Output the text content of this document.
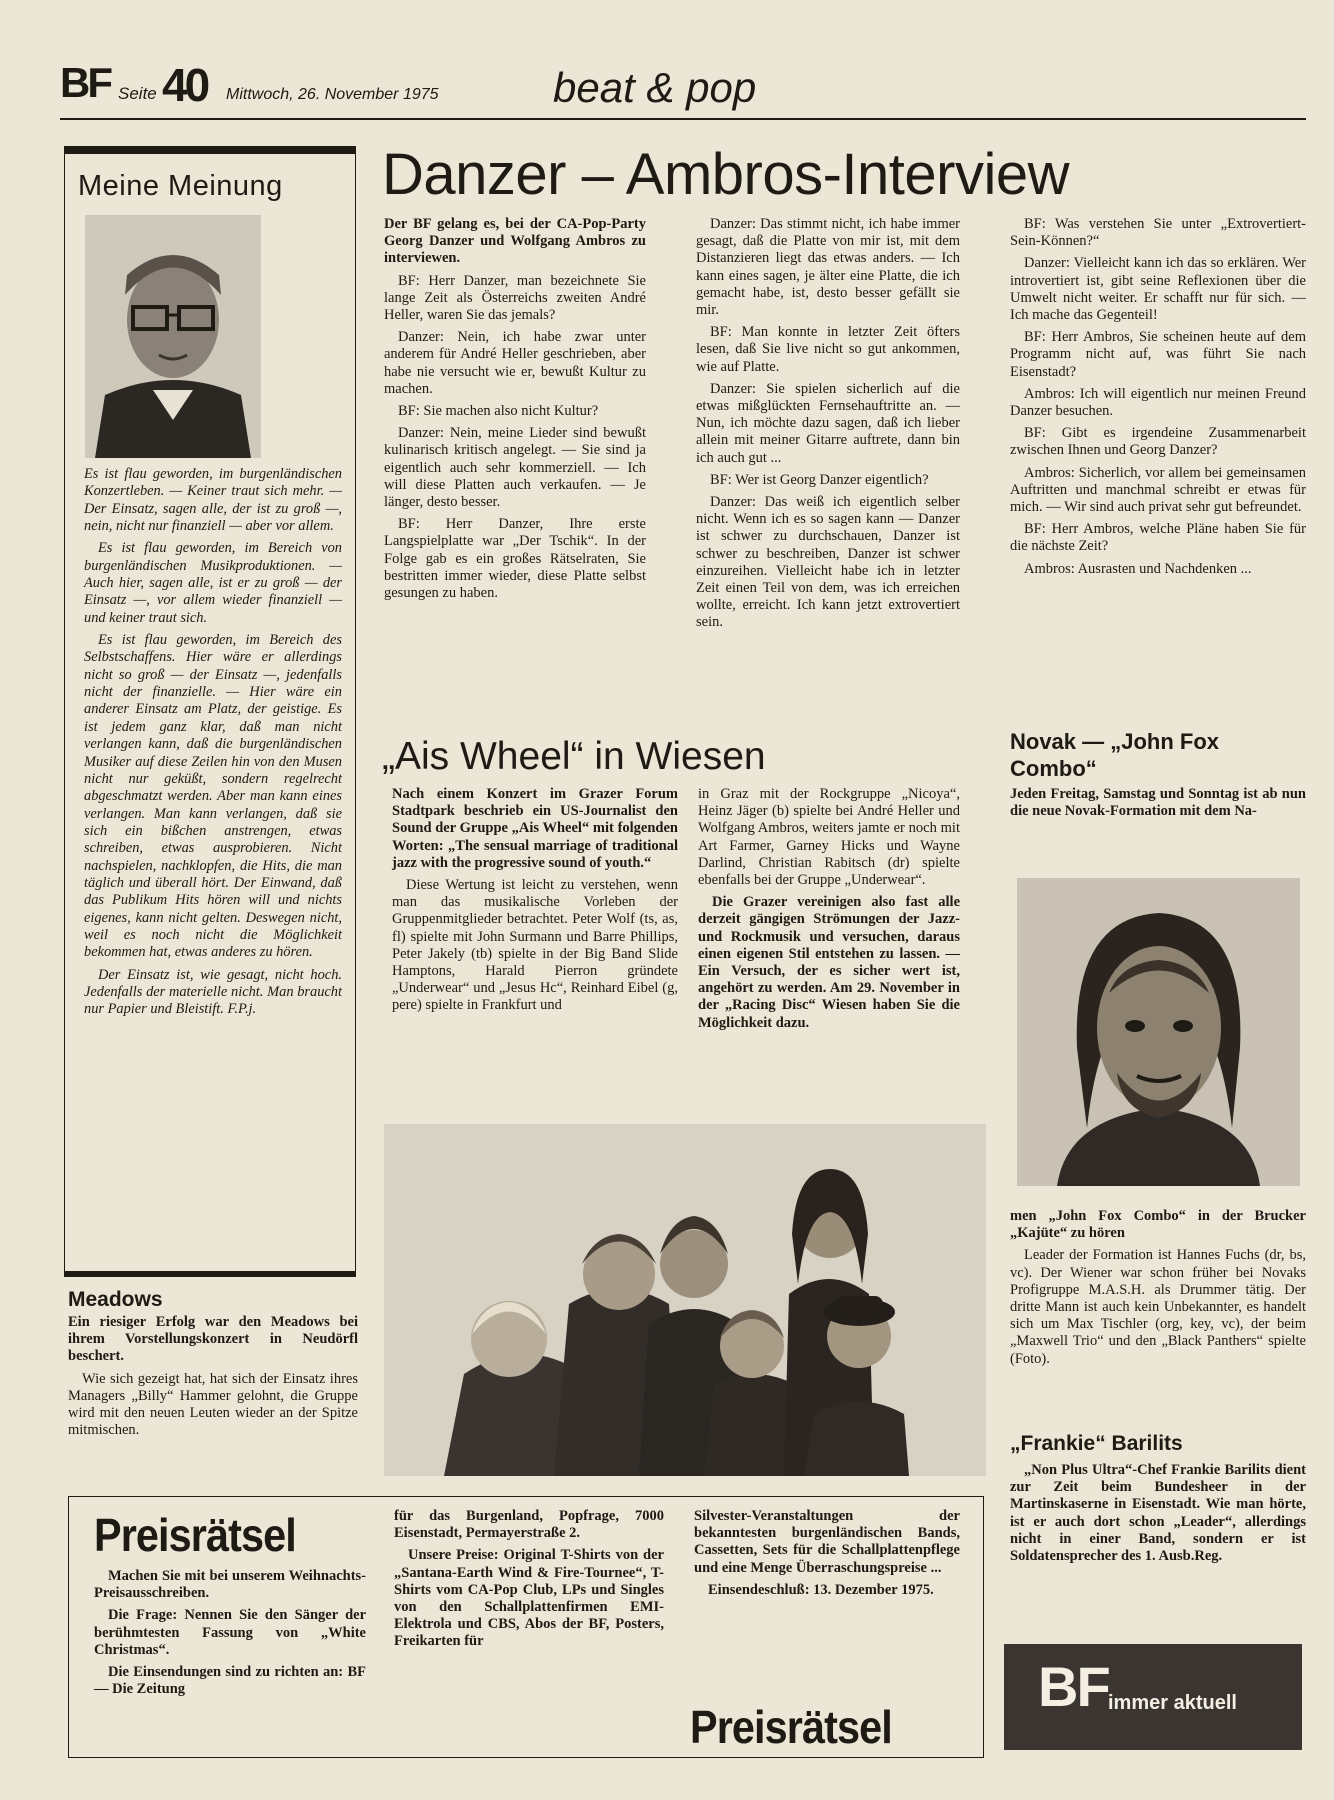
BF Seite 40 Mittwoch, 26. November 1975	beat & pop
Meine Meinung

Es ist flau geworden, im burgenländischen Konzertleben. — Keiner traut sich mehr. — Der Einsatz, sagen alle, der ist zu groß —, nein, nicht nur finanziell — aber vor allem.

Es ist flau geworden, im Bereich von burgenländischen Musikproduktionen. — Auch hier, sagen alle, ist er zu groß — der Einsatz —, vor allem wieder finanziell — und keiner traut sich.

Es ist flau geworden, im Bereich des Selbstschaffens. Hier wäre er allerdings nicht so groß — der Einsatz —, jedenfalls nicht der finanzielle. — Hier wäre ein anderer Einsatz am Platz, der geistige. Es ist jedem ganz klar, daß man nicht verlangen kann, daß die burgenländischen Musiker auf diese Zeilen hin von den Musen nicht nur geküßt, sondern regelrecht abgeschmatzt werden. Aber man kann eines verlangen. Man kann verlangen, daß sie sich ein bißchen anstrengen, etwas schreiben, etwas ausprobieren. Nicht nachspielen, nachklopfen, die Hits, die man täglich und überall hört. Der Einwand, daß das Publikum Hits hören will und nichts eigenes, kann nicht gelten. Deswegen nicht, weil es noch nicht die Möglichkeit bekommen hat, etwas anderes zu hören.

Der Einsatz ist, wie gesagt, nicht hoch. Jedenfalls der materielle nicht. Man braucht nur Papier und Bleistift. F.P.j.

Meadows

Ein riesiger Erfolg war den Meadows bei ihrem Vorstellungskonzert in Neudörfl beschert.

Wie sich gezeigt hat, hat sich der Einsatz ihres Managers „Billy“ Hammer gelohnt, die Gruppe wird mit den neuen Leuten wieder an der Spitze mitmischen.

Danzer – Ambros-Interview

Der BF gelang es, bei der CA-Pop-Party Georg Danzer und Wolfgang Ambros zu interviewen.

BF: Herr Danzer, man bezeichnete Sie lange Zeit als Österreichs zweiten André Heller, waren Sie das jemals?

Danzer: Nein, ich habe zwar unter anderem für André Heller geschrieben, aber habe nie versucht wie er, bewußt Kultur zu machen.

BF: Sie machen also nicht Kultur?

Danzer: Nein, meine Lieder sind bewußt kulinarisch kritisch angelegt. — Sie sind ja eigentlich auch sehr kommerziell. — Ich will diese Platten auch verkaufen. — Je länger, desto besser.

BF: Herr Danzer, Ihre erste Langspielplatte war „Der Tschik“. In der Folge gab es ein großes Rätselraten, Sie bestritten immer wieder, diese Platte selbst gesungen zu haben.

Danzer: Das stimmt nicht, ich habe immer gesagt, daß die Platte von mir ist, mit dem Distanzieren liegt das etwas anders. — Ich kann eines sagen, je älter eine Platte, die ich gemacht habe, ist, desto besser gefällt sie mir.

BF: Man konnte in letzter Zeit öfters lesen, daß Sie live nicht so gut ankommen, wie auf Platte.

Danzer: Sie spielen sicherlich auf die etwas mißglückten Fernsehauftritte an. — Nun, ich möchte dazu sagen, daß ich lieber allein mit meiner Gitarre auftrete, dann bin ich auch gut ...

BF: Wer ist Georg Danzer eigentlich?

Danzer: Das weiß ich eigentlich selber nicht. Wenn ich es so sagen kann — Danzer ist schwer zu durchschauen, Danzer ist schwer zu beschreiben, Danzer ist schwer einzureihen. Vielleicht habe ich in letzter Zeit einen Teil von dem, was ich erreichen wollte, erreicht. Ich kann jetzt extrovertiert sein.

BF: Was verstehen Sie unter „Extrovertiert-Sein-Können?“

Danzer: Vielleicht kann ich das so erklären. Wer introvertiert ist, gibt seine Reflexionen über die Umwelt nicht weiter. Er schafft nur für sich. — Ich mache das Gegenteil!

BF: Herr Ambros, Sie scheinen heute auf dem Programm nicht auf, was führt Sie nach Eisenstadt?

Ambros: Ich will eigentlich nur meinen Freund Danzer besuchen.

BF: Gibt es irgendeine Zusammenarbeit zwischen Ihnen und Georg Danzer?

Ambros: Sicherlich, vor allem bei gemeinsamen Auftritten und manchmal schreibt er etwas für mich. — Wir sind auch privat sehr gut befreundet.

BF: Herr Ambros, welche Pläne haben Sie für die nächste Zeit?

Ambros: Ausrasten und Nachdenken ...

„Ais Wheel“ in Wiesen

Nach einem Konzert im Grazer Forum Stadtpark beschrieb ein US-Journalist den Sound der Gruppe „Ais Wheel“ mit folgenden Worten: „The sensual marriage of traditional jazz with the progressive sound of youth.“

Diese Wertung ist leicht zu verstehen, wenn man das musikalische Vorleben der Gruppenmitglieder betrachtet. Peter Wolf (ts, as, fl) spielte mit John Surmann und Barre Phillips, Peter Jakely (tb) spielte in der Big Band Slide Hamptons, Harald Pierron gründete „Underwear“ und „Jesus Hc“, Reinhard Eibel (g, pere) spielte in Frankfurt und

in Graz mit der Rockgruppe „Nicoya“, Heinz Jäger (b) spielte bei André Heller und Wolfgang Ambros, weiters jamte er noch mit Art Farmer, Garney Hicks und Wayne Darlind, Christian Rabitsch (dr) spielte ebenfalls bei der Gruppe „Underwear“.

Die Grazer vereinigen also fast alle derzeit gängigen Strömungen der Jazz- und Rockmusik und versuchen, daraus einen eigenen Stil entstehen zu lassen. — Ein Versuch, der es sicher wert ist, angehört zu werden. Am 29. November in der „Racing Disc“ Wiesen haben Sie die Möglichkeit dazu.

Novak — „John Fox Combo“
Jeden Freitag, Samstag und Sonntag ist ab nun die neue Novak-Formation mit dem Na-

men „John Fox Combo“ in der Brucker „Kajüte“ zu hören

Leader der Formation ist Hannes Fuchs (dr, bs, vc). Der Wiener war schon früher bei Novaks Profigruppe M.A.S.H. als Drummer tätig. Der dritte Mann ist auch kein Unbekannter, es handelt sich um Max Tischler (org, key, vc), der beim „Maxwell Trio“ und den „Black Panthers“ spielte (Foto).

„Frankie“ Barilits
„Non Plus Ultra“-Chef Frankie Barilits dient zur Zeit beim Bundesheer in der Martinskaserne in Eisenstadt. Wie man hörte, ist er auch dort schon „Leader“, allerdings nicht in einer Band, sondern er ist Soldatensprecher des 1. Ausb.Reg.
Preisrätsel

Machen Sie mit bei unserem Weihnachts-Preisausschreiben.

Die Frage: Nennen Sie den Sänger der berühmtesten Fassung von „White Christmas“.

Die Einsendungen sind zu richten an: BF — Die Zeitung

für das Burgenland, Popfrage, 7000 Eisenstadt, Permayerstraße 2.

Unsere Preise: Original T-Shirts von der „Santana-Earth Wind & Fire-Tournee“, T-Shirts vom CA-Pop Club, LPs und Singles von den Schallplattenfirmen EMI-Elektrola und CBS, Abos der BF, Posters, Freikarten für

Silvester-Veranstaltungen der bekanntesten burgenländischen Bands, Cassetten, Sets für die Schallplattenpflege und eine Menge Überraschungspreise ...

Einsendeschluß: 13. Dezember 1975.

Preisrätsel
BF immer aktuell
